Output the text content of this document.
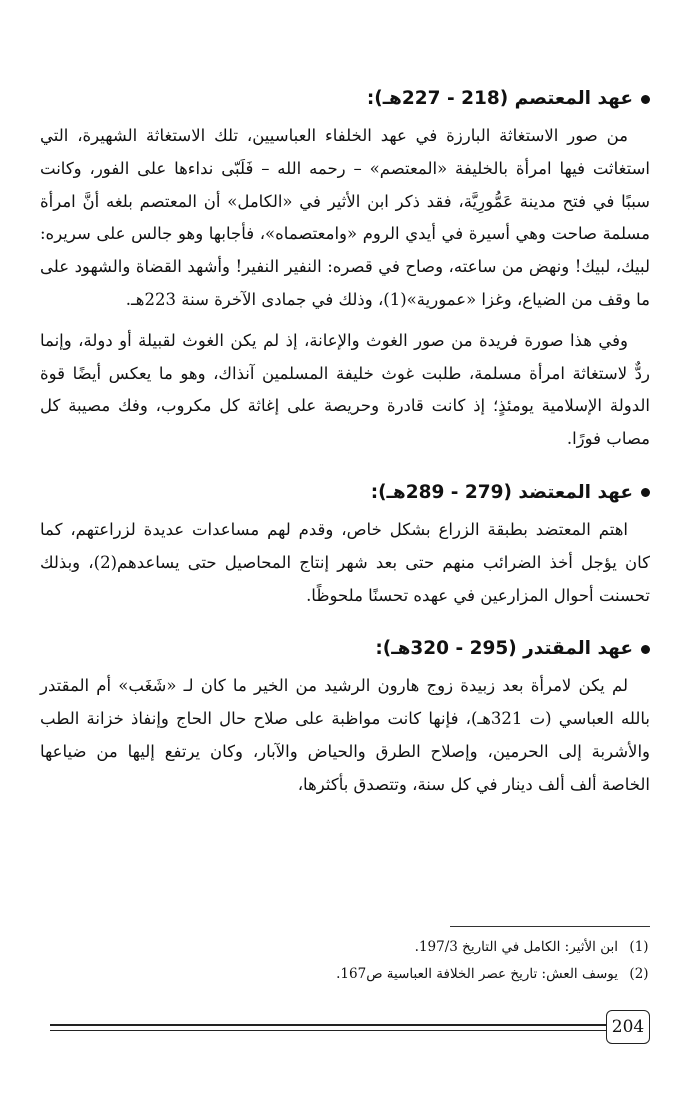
عهد المعتصم (218 - 227هـ):

من صور الاستغاثة البارزة في عهد الخلفاء العباسيين، تلك الاستغاثة الشهيرة، التي استغاثت فيها امرأة بالخليفة «المعتصم» – رحمه الله – فَلَبّى نداءها على الفور، وكانت سببًا في فتح مدينة عَمُّورِيَّة، فقد ذكر ابن الأثير في «الكامل» أن المعتصم بلغه أنَّ امرأة مسلمة صاحت وهي أسيرة في أيدي الروم «وامعتصماه»، فأجابها وهو جالس على سريره: لبيك، لبيك! ونهض من ساعته، وصاح في قصره: النفير النفير! وأشهد القضاة والشهود على ما وقف من الضياع، وغزا «عمورية»(1)، وذلك في جمادى الآخرة سنة 223هـ.

وفي هذا صورة فريدة من صور الغوث والإعانة، إذ لم يكن الغوث لقبيلة أو دولة، وإنما ردٌّ لاستغاثة امرأة مسلمة، طلبت غوث خليفة المسلمين آنذاك، وهو ما يعكس أيضًا قوة الدولة الإسلامية يومئذٍ؛ إذ كانت قادرة وحريصة على إغاثة كل مكروب، وفك مصيبة كل مصاب فورًا.

عهد المعتضد (279 - 289هـ):

اهتم المعتضد بطبقة الزراع بشكل خاص، وقدم لهم مساعدات عديدة لزراعتهم، كما كان يؤجل أخذ الضرائب منهم حتى بعد شهر إنتاج المحاصيل حتى يساعدهم(2)، وبذلك تحسنت أحوال المزارعين في عهده تحسنًا ملحوظًا.

عهد المقتدر (295 - 320هـ):

لم يكن لامرأة بعد زبيدة زوج هارون الرشيد من الخير ما كان لـ «شَغَب» أم المقتدر بالله العباسي (ت 321هـ)، فإنها كانت مواظبة على صلاح حال الحاج وإنفاذ خزانة الطب والأشربة إلى الحرمين، وإصلاح الطرق والحياض والآبار، وكان يرتفع إليها من ضياعها الخاصة ألف ألف دينار في كل سنة، وتتصدق بأكثرها،

(1)
ابن الأثير: الكامل في التاريخ 197/3.
(2)
يوسف العش: تاريخ عصر الخلافة العباسية ص167.
204
